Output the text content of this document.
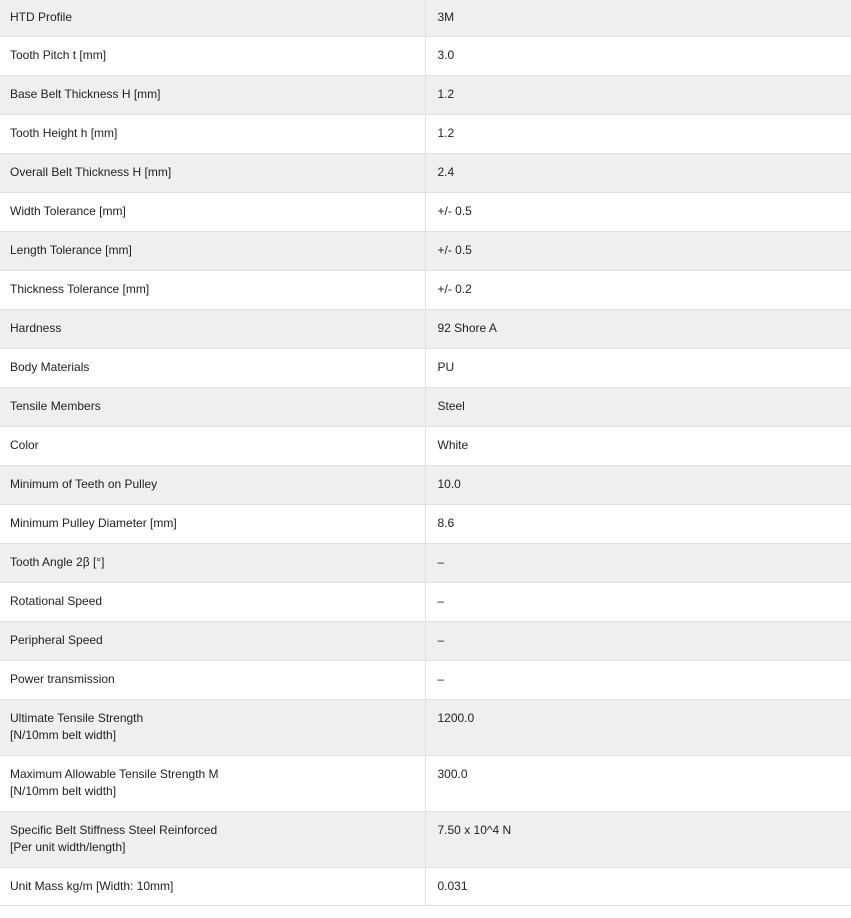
HTD Profile	3M

Tooth Pitch t [mm]	3.0

Base Belt Thickness H [mm]	1.2

Tooth Height h [mm]	1.2

Overall Belt Thickness H [mm]	2.4

Width Tolerance [mm]	+/- 0.5

Length Tolerance [mm]	+/- 0.5

Thickness Tolerance [mm]	+/- 0.2

Hardness	92 Shore A

Body Materials	PU

Tensile Members	Steel

Color	White

Minimum of Teeth on Pulley	10.0

Minimum Pulley Diameter [mm]	8.6

Tooth Angle 2β [°]	–

Rotational Speed	–

Peripheral Speed	–

Power transmission	–

Ultimate Tensile Strength
[N/10mm belt width]	1200.0

Maximum Allowable Tensile Strength M
[N/10mm belt width]	300.0

Specific Belt Stiffness Steel Reinforced
[Per unit width/length]	7.50 x 10^4 N

Unit Mass kg/m [Width: 10mm]	0.031
